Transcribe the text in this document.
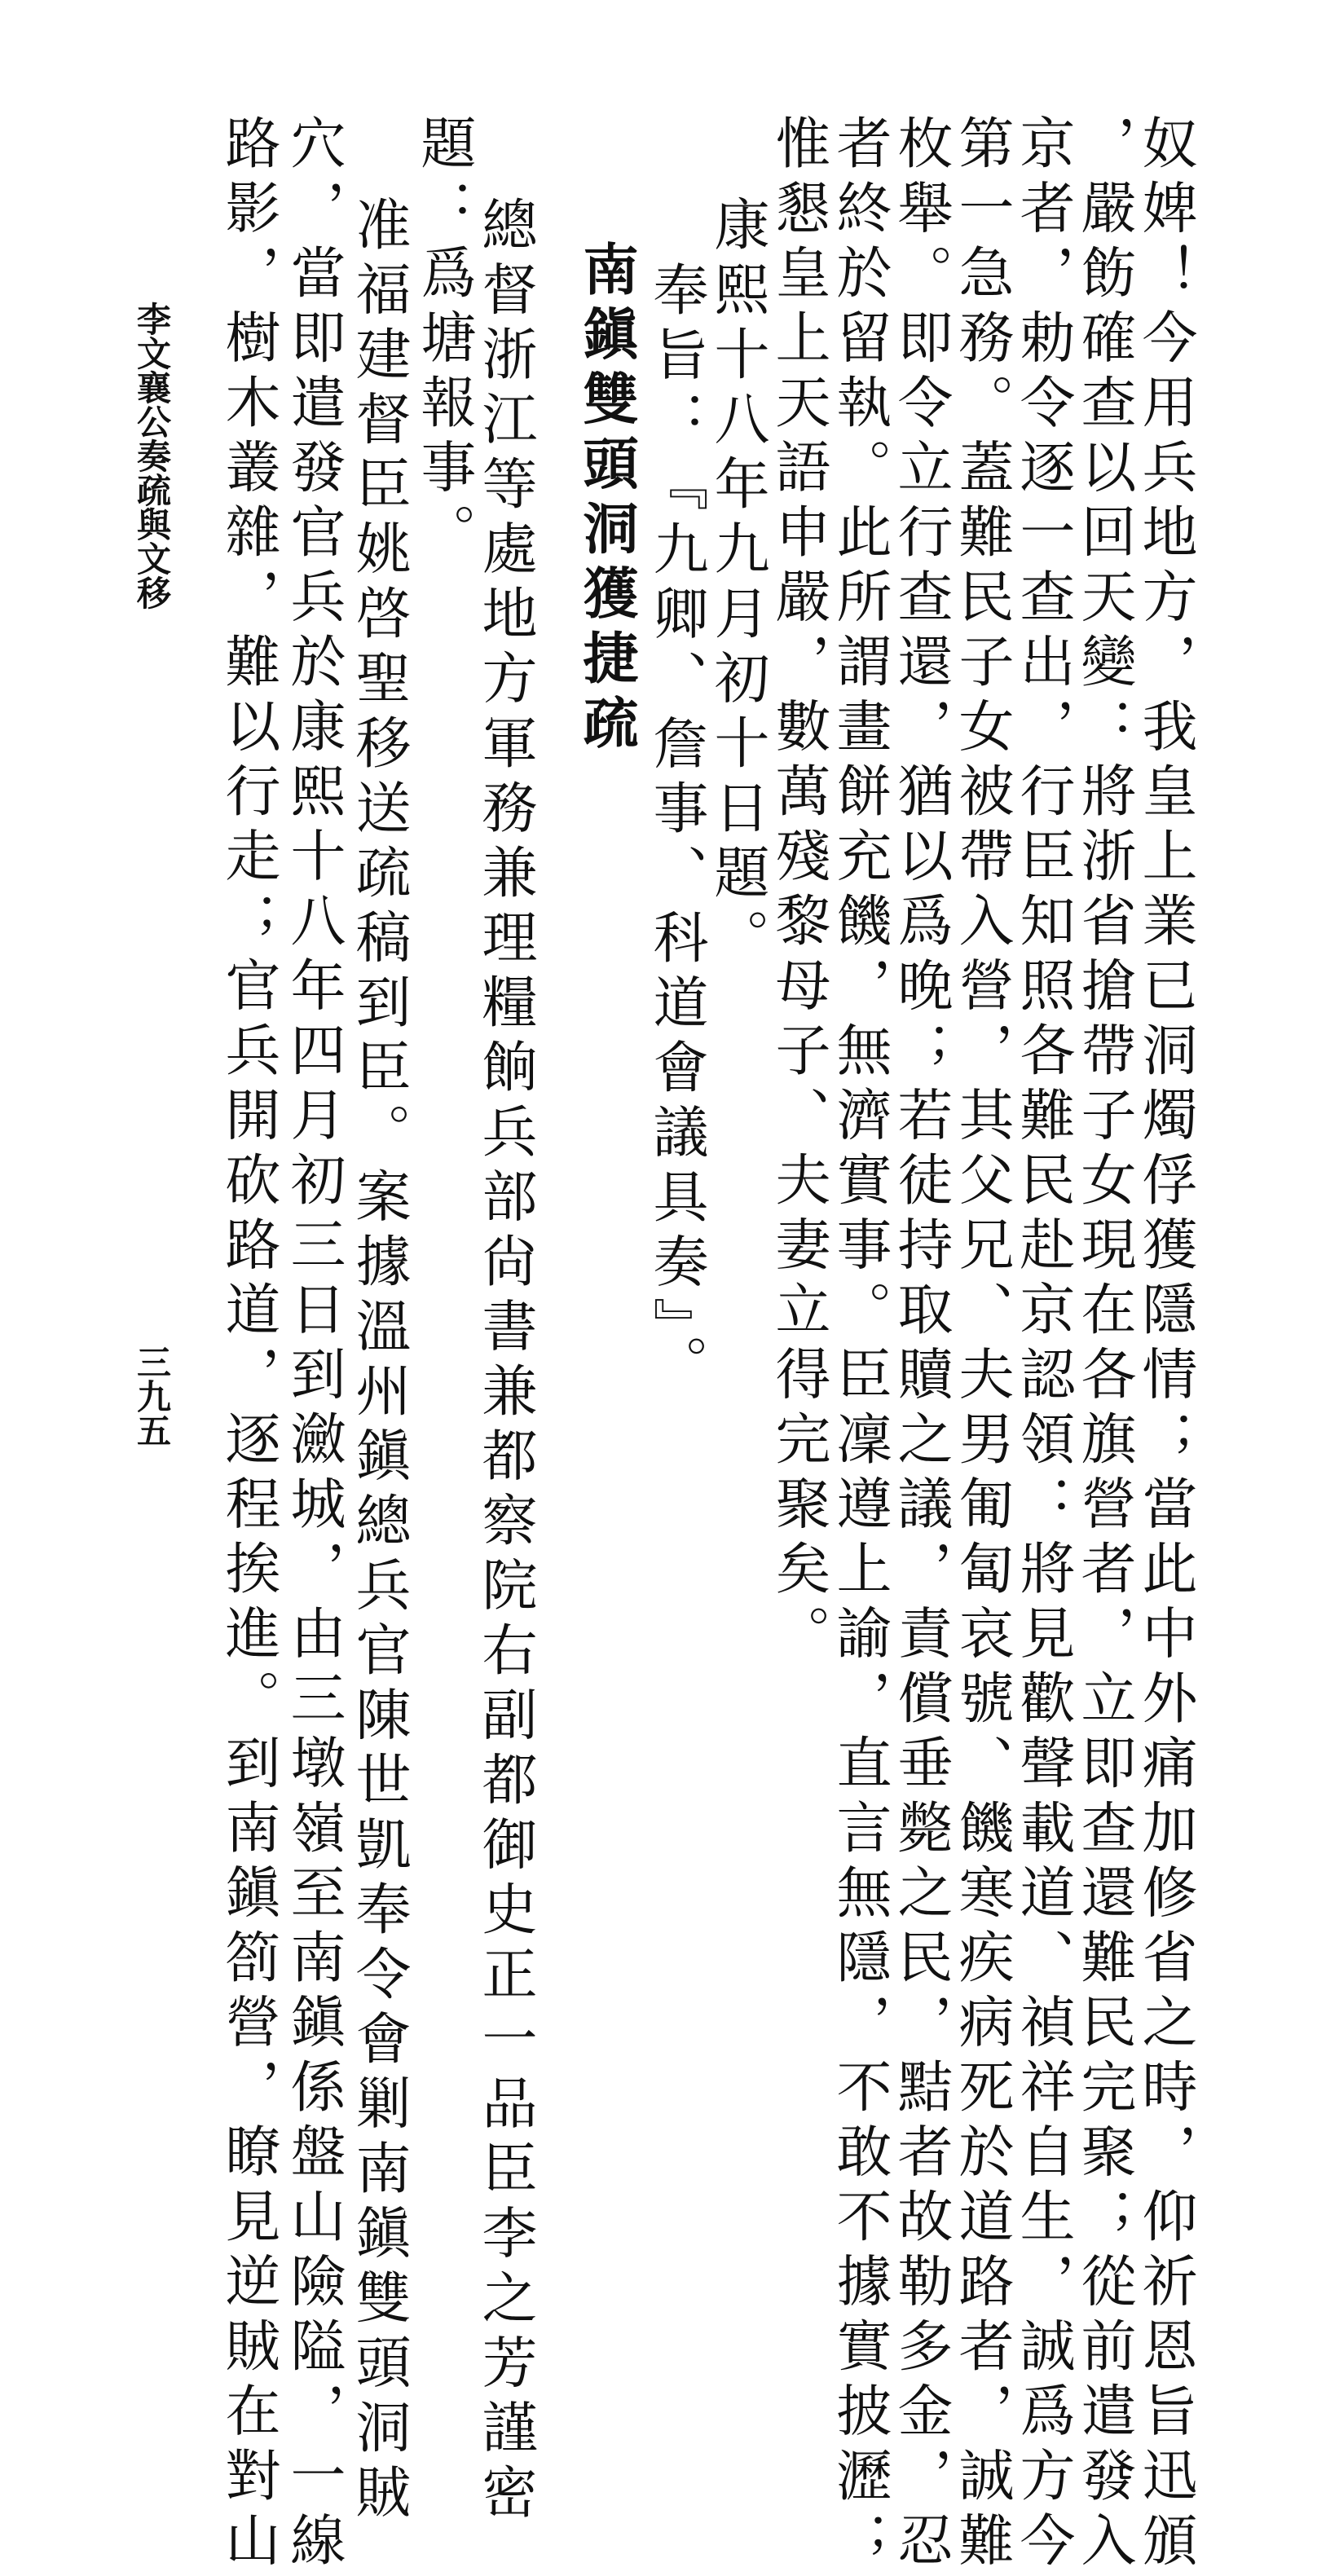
奴婢！今用兵地方，我皇上業已洞燭俘獲隱情；當此中外痛加修省之時，仰祈恩旨迅頒
，嚴飭確查以回天變：將浙省搶帶子女現在各旗營者，立即查還難民完聚；從前遣發入
京者，勅令逐一查出，行臣知照各難民赴京認領：將見歡聲載道、禎祥自生，誠爲方今
第一急務。蓋難民子女被帶入營，其父兄、夫男匍匐哀號、饑寒疾病死於道路者，誠難
枚舉。即令立行查還，猶以爲晚；若徒持取贖之議，責償垂斃之民，黠者故勒多金，忍
者終於留執。此所謂畫餅充饑，無濟實事。臣凜遵上諭，直言無隱，不敢不據實披瀝；
惟懇皇上天語申嚴，數萬殘黎母子、夫妻立得完聚矣。
康熙十八年九月初十日題。
奉旨：『九卿、詹事、科道會議具奏』。
南鎭雙頭洞獲捷疏
總督浙江等處地方軍務兼理糧餉兵部尙書兼都察院右副都御史正一品臣李之芳謹密
題：爲塘報事。
准福建督臣姚啓聖移送疏稿到臣。案據溫州鎭總兵官陳世凱奉令會剿南鎭雙頭洞賊
穴，當即遣發官兵於康熙十八年四月初三日到瀲城，由三墩嶺至南鎭係盤山險隘，一線
路影，樹木叢雜，難以行走；官兵開砍路道，逐程挨進。到南鎭箚營，瞭見逆賊在對山
李文襄公奏疏與文移
三九五
